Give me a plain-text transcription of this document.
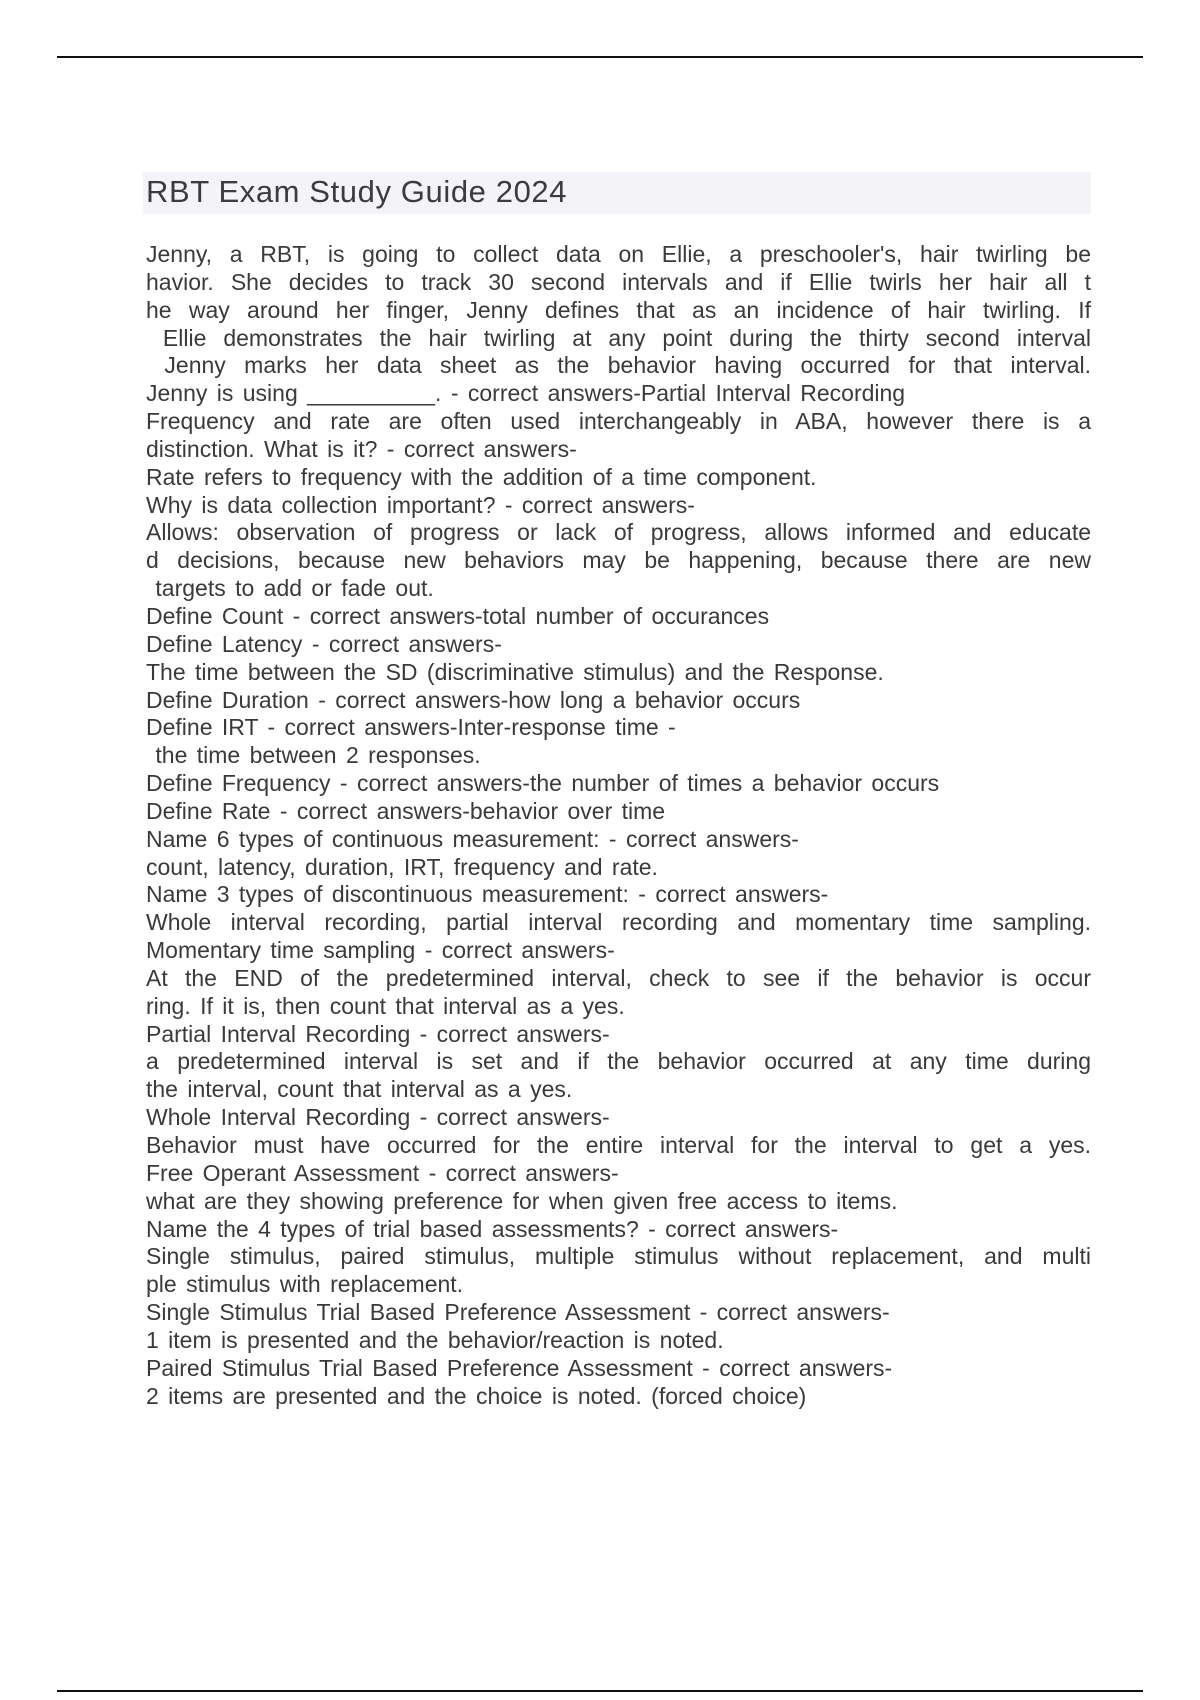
RBT Exam Study Guide 2024
Jenny, a RBT, is going to collect data on Ellie, a preschooler's, hair twirling be
havior. She decides to track 30 second intervals and if Ellie twirls her hair all t
he way around her finger, Jenny defines that as an incidence of hair twirling. If
Ellie demonstrates the hair twirling at any point during the thirty second interval
Jenny marks her data sheet as the behavior having occurred for that interval.
Jenny is using __________. - correct answers-Partial Interval Recording
Frequency and rate are often used interchangeably in ABA, however there is a
distinction. What is it? - correct answers-
Rate refers to frequency with the addition of a time component.
Why is data collection important? - correct answers-
Allows: observation of progress or lack of progress, allows informed and educate
d decisions, because new behaviors may be happening, because there are new
targets to add or fade out.
Define Count - correct answers-total number of occurances
Define Latency - correct answers-
The time between the SD (discriminative stimulus) and the Response.
Define Duration - correct answers-how long a behavior occurs
Define IRT - correct answers-Inter-response time -
the time between 2 responses.
Define Frequency - correct answers-the number of times a behavior occurs
Define Rate - correct answers-behavior over time
Name 6 types of continuous measurement: - correct answers-
count, latency, duration, IRT, frequency and rate.
Name 3 types of discontinuous measurement: - correct answers-
Whole interval recording, partial interval recording and momentary time sampling.
Momentary time sampling - correct answers-
At the END of the predetermined interval, check to see if the behavior is occur
ring. If it is, then count that interval as a yes.
Partial Interval Recording - correct answers-
a predetermined interval is set and if the behavior occurred at any time during
the interval, count that interval as a yes.
Whole Interval Recording - correct answers-
Behavior must have occurred for the entire interval for the interval to get a yes.
Free Operant Assessment - correct answers-
what are they showing preference for when given free access to items.
Name the 4 types of trial based assessments? - correct answers-
Single stimulus, paired stimulus, multiple stimulus without replacement, and multi
ple stimulus with replacement.
Single Stimulus Trial Based Preference Assessment - correct answers-
1 item is presented and the behavior/reaction is noted.
Paired Stimulus Trial Based Preference Assessment - correct answers-
2 items are presented and the choice is noted. (forced choice)
